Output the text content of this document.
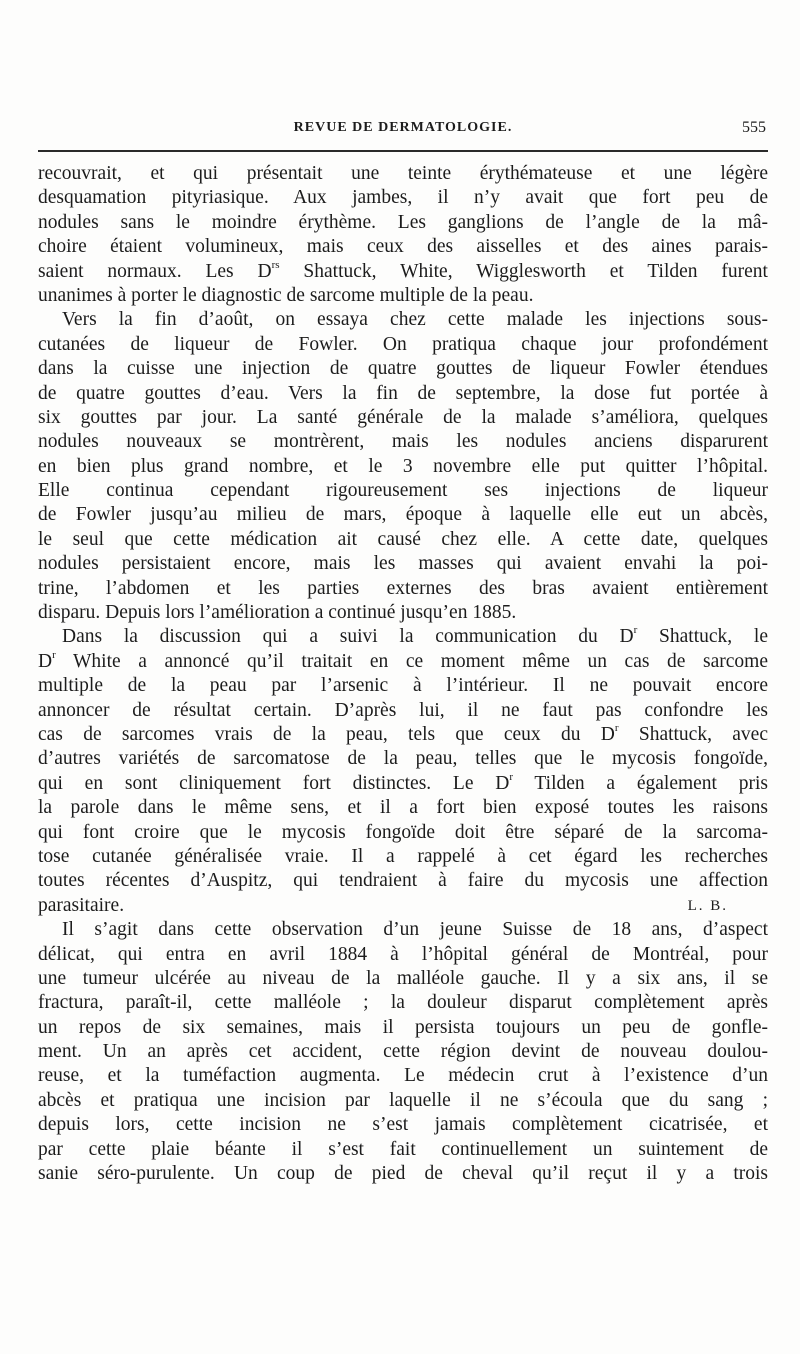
REVUE DE DERMATOLOGIE.	555
recouvrait, et qui présentait une teinte érythémateuse et une légère
desquamation pityriasique. Aux jambes, il n’y avait que fort peu de
nodules sans le moindre érythème. Les ganglions de l’angle de la mâ-
choire étaient volumineux, mais ceux des aisselles et des aines parais-
saient normaux. Les $D^{rs}$ Shattuck, White, Wigglesworth et Tilden furent
unanimes à porter le diagnostic de sarcome multiple de la peau.
Vers la fin d’août, on essaya chez cette malade les injections sous-
cutanées de liqueur de Fowler. On pratiqua chaque jour profondément
dans la cuisse une injection de quatre gouttes de liqueur Fowler étendues
de quatre gouttes d’eau. Vers la fin de septembre, la dose fut portée à
six gouttes par jour. La santé générale de la malade s’améliora, quelques
nodules nouveaux se montrèrent, mais les nodules anciens disparurent
en bien plus grand nombre, et le 3 novembre elle put quitter l’hôpital.
Elle continua cependant rigoureusement ses injections de liqueur
de Fowler jusqu’au milieu de mars, époque à laquelle elle eut un abcès,
le seul que cette médication ait causé chez elle. A cette date, quelques
nodules persistaient encore, mais les masses qui avaient envahi la poi-
trine, l’abdomen et les parties externes des bras avaient entièrement
disparu. Depuis lors l’amélioration a continué jusqu’en 1885.
Dans la discussion qui a suivi la communication du $D^r$ Shattuck, le
$D^r$ White a annoncé qu’il traitait en ce moment même un cas de sarcome
multiple de la peau par l’arsenic à l’intérieur. Il ne pouvait encore
annoncer de résultat certain. D’après lui, il ne faut pas confondre les
cas de sarcomes vrais de la peau, tels que ceux du $D^r$ Shattuck, avec
d’autres variétés de sarcomatose de la peau, telles que le mycosis fongoïde,
qui en sont cliniquement fort distinctes. Le $D^r$ Tilden a également pris
la parole dans le même sens, et il a fort bien exposé toutes les raisons
qui font croire que le mycosis fongoïde doit être séparé de la sarcoma-
tose cutanée généralisée vraie. Il a rappelé à cet égard les recherches
toutes récentes d’Auspitz, qui tendraient à faire du mycosis une affection
parasitaire.	L. B.
Il s’agit dans cette observation d’un jeune Suisse de 18 ans, d’aspect
délicat, qui entra en avril 1884 à l’hôpital général de Montréal, pour
une tumeur ulcérée au niveau de la malléole gauche. Il y a six ans, il se
fractura, paraît-il, cette malléole ; la douleur disparut complètement après
un repos de six semaines, mais il persista toujours un peu de gonfle-
ment. Un an après cet accident, cette région devint de nouveau doulou-
reuse, et la tuméfaction augmenta. Le médecin crut à l’existence d’un
abcès et pratiqua une incision par laquelle il ne s’écoula que du sang ;
depuis lors, cette incision ne s’est jamais complètement cicatrisée, et
par cette plaie béante il s’est fait continuellement un suintement de
sanie séro-purulente. Un coup de pied de cheval qu’il reçut il y a trois
